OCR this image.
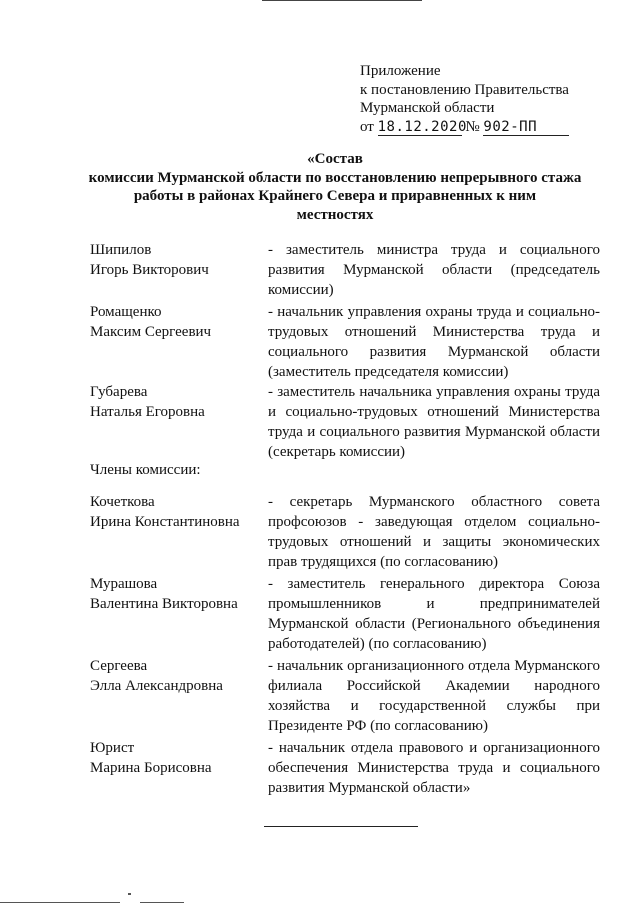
Приложение
к постановлению Правительства
Мурманской области
от 18.12.2020 № 902-ПП
«Состав
комиссии Мурманской области по восстановлению непрерывного стажа
работы в районах Крайнего Севера и приравненных к ним
местностях
Шипилов
Игорь Викторович
- заместитель министра труда и социального развития Мурманской области (председатель комиссии)
Ромащенко
Максим Сергеевич
- начальник управления охраны труда и социально-трудовых отношений Министерства труда и социального развития Мурманской области (заместитель председателя комиссии)
Губарева
Наталья Егоровна
- заместитель начальника управления охраны труда и социально-трудовых отношений Министерства труда и социального развития Мурманской области (секретарь комиссии)
Члены комиссии:
Кочеткова
Ирина Константиновна
- секретарь Мурманского областного совета профсоюзов - заведующая отделом социально-трудовых отношений и защиты экономических прав трудящихся (по согласованию)
Мурашова
Валентина Викторовна
- заместитель генерального директора Союза промышленников и предпринимателей Мурманской области (Регионального объединения работодателей) (по согласованию)
Сергеева
Элла Александровна
- начальник организационного отдела Мурманского филиала Российской Академии народного хозяйства и государственной службы при Президенте РФ (по согласованию)
Юрист
Марина Борисовна
- начальник отдела правового и организационного обеспечения Министерства труда и социального развития Мурманской области»
